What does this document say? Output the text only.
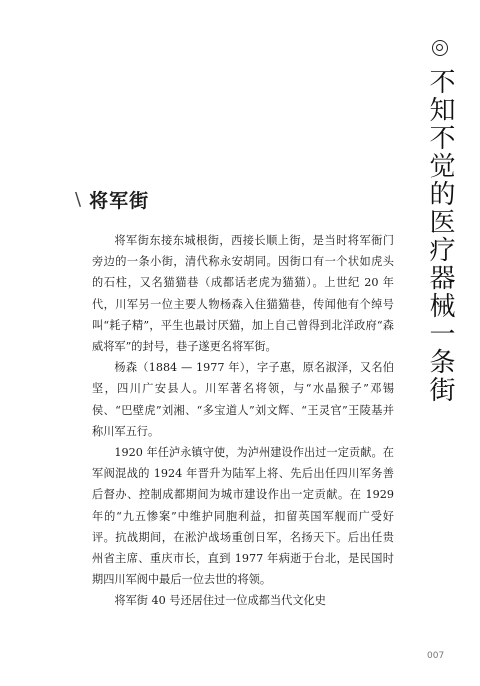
不知不觉的医疗器械一条街
\ 将军街

将军街东接东城根街，西接长顺上街，是当时将军衙门旁边的一条小街，清代称永安胡同。因街口有一个状如虎头的石柱，又名猫猫巷（成都话老虎为猫猫）。上世纪 20 年代，川军另一位主要人物杨森入住猫猫巷，传闻他有个绰号叫“耗子精”，平生也最讨厌猫，加上自己曾得到北洋政府“森威将军”的封号，巷子遂更名将军街。

杨森（1884 — 1977 年），字子惠，原名淑泽，又名伯坚，四川广安县人。川军著名将领，与“水晶猴子”邓锡侯、“巴壁虎”刘湘、“多宝道人”刘文辉、“王灵官”王陵基并称川军五行。

1920 年任泸永镇守使，为泸州建设作出过一定贡献。在军阀混战的 1924 年晋升为陆军上将、先后出任四川军务善后督办、控制成都期间为城市建设作出一定贡献。在 1929 年的“九五惨案”中维护同胞利益，扣留英国军舰而广受好评。抗战期间，在淞沪战场重创日军，名扬天下。后出任贵州省主席、重庆市长，直到 1977 年病逝于台北，是民国时期四川军阀中最后一位去世的将领。

将军街 40 号还居住过一位成都当代文化史

007
